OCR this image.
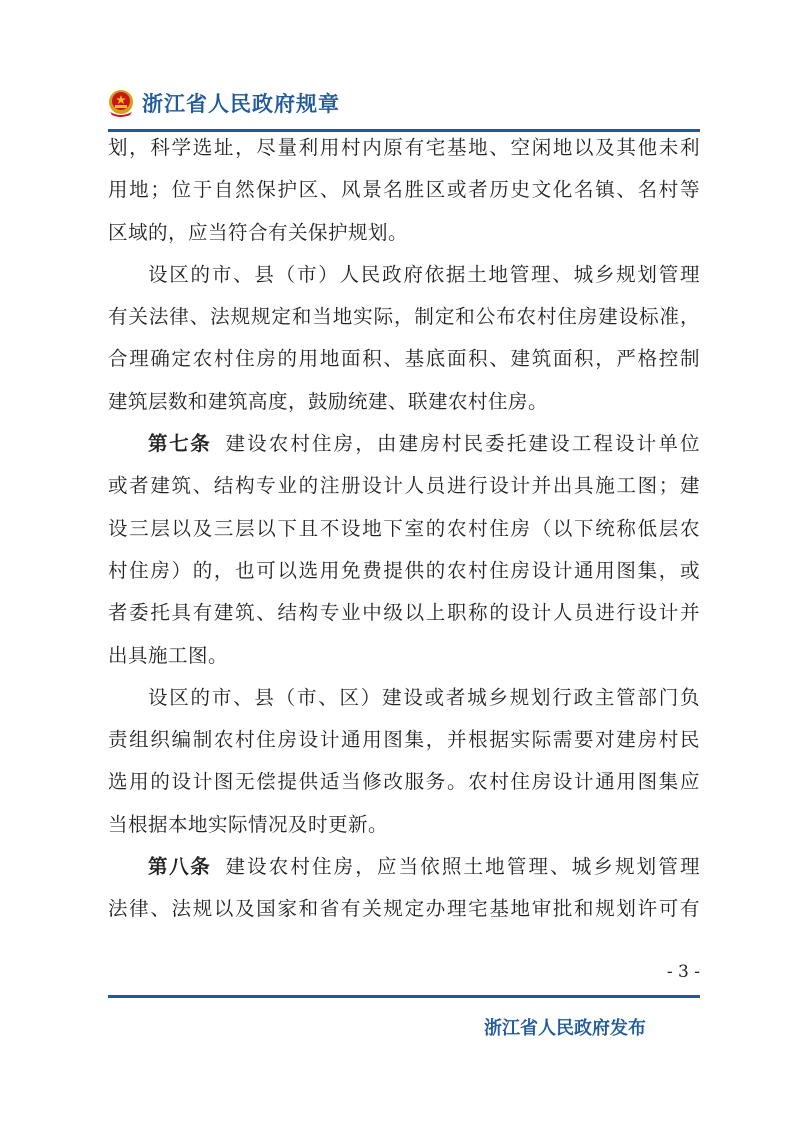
浙江省人民政府规章
划，科学选址，尽量利用村内原有宅基地、空闲地以及其他未利
用地；位于自然保护区、风景名胜区或者历史文化名镇、名村等
区域的，应当符合有关保护规划。
设区的市、县（市）人民政府依据土地管理、城乡规划管理
有关法律、法规规定和当地实际，制定和公布农村住房建设标准，
合理确定农村住房的用地面积、基底面积、建筑面积，严格控制
建筑层数和建筑高度，鼓励统建、联建农村住房。
第七条 建设农村住房，由建房村民委托建设工程设计单位
或者建筑、结构专业的注册设计人员进行设计并出具施工图；建
设三层以及三层以下且不设地下室的农村住房（以下统称低层农
村住房）的，也可以选用免费提供的农村住房设计通用图集，或
者委托具有建筑、结构专业中级以上职称的设计人员进行设计并
出具施工图。
设区的市、县（市、区）建设或者城乡规划行政主管部门负
责组织编制农村住房设计通用图集，并根据实际需要对建房村民
选用的设计图无偿提供适当修改服务。农村住房设计通用图集应
当根据本地实际情况及时更新。
第八条 建设农村住房，应当依照土地管理、城乡规划管理
法律、法规以及国家和省有关规定办理宅基地审批和规划许可有
- 3 -
浙江省人民政府发布
